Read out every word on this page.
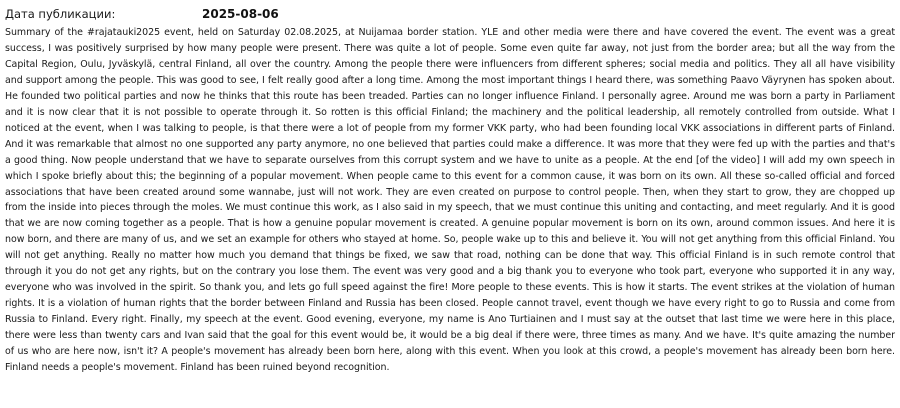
Дата публикации:	2025-08-06

Summary of the #rajatauki2025 event, held on Saturday 02.08.2025, at Nuijamaa border station. YLE and other media were there and have covered the event. The event was a great success, I was positively surprised by how many people were present. There was quite a lot of people. Some even quite far away, not just from the border area; but all the way from the Capital Region, Oulu, Jyväskylä, central Finland, all over the country. Among the people there were influencers from different spheres; social media and politics. They all all have visibility and support among the people. This was good to see, I felt really good after a long time. Among the most important things I heard there, was something Paavo Väyrynen has spoken about. He founded two political parties and now he thinks that this route has been treaded. Parties can no longer influence Finland. I personally agree. Around me was born a party in Parliament and it is now clear that it is not possible to operate through it. So rotten is this official Finland; the machinery and the political leadership, all remotely controlled from outside. What I noticed at the event, when I was talking to people, is that there were a lot of people from my former VKK party, who had been founding local VKK associations in different parts of Finland. And it was remarkable that almost no one supported any party anymore, no one believed that parties could make a difference. It was more that they were fed up with the parties and that's a good thing. Now people understand that we have to separate ourselves from this corrupt system and we have to unite as a people. At the end [of the video] I will add my own speech in which I spoke briefly about this; the beginning of a popular movement. When people came to this event for a common cause, it was born on its own. All these so-called official and forced associations that have been created around some wannabe, just will not work. They are even created on purpose to control people. Then, when they start to grow, they are chopped up from the inside into pieces through the moles. We must continue this work, as I also said in my speech, that we must continue this uniting and contacting, and meet regularly. And it is good that we are now coming together as a people. That is how a genuine popular movement is created. A genuine popular movement is born on its own, around common issues. And here it is now born, and there are many of us, and we set an example for others who stayed at home. So, people wake up to this and believe it. You will not get anything from this official Finland. You will not get anything. Really no matter how much you demand that things be fixed, we saw that road, nothing can be done that way. This official Finland is in such remote control that through it you do not get any rights, but on the contrary you lose them. The event was very good and a big thank you to everyone who took part, everyone who supported it in any way, everyone who was involved in the spirit. So thank you, and lets go full speed against the fire! More people to these events. This is how it starts. The event strikes at the violation of human rights. It is a violation of human rights that the border between Finland and Russia has been closed. People cannot travel, event though we have every right to go to Russia and come from Russia to Finland. Every right. Finally, my speech at the event. Good evening, everyone, my name is Ano Turtiainen and I must say at the outset that last time we were here in this place, there were less than twenty cars and Ivan said that the goal for this event would be, it would be a big deal if there were, three times as many. And we have. It's quite amazing the number of us who are here now, isn't it? A people's movement has already been born here, along with this event. When you look at this crowd, a people's movement has already been born here. Finland needs a people's movement. Finland has been ruined beyond recognition.
